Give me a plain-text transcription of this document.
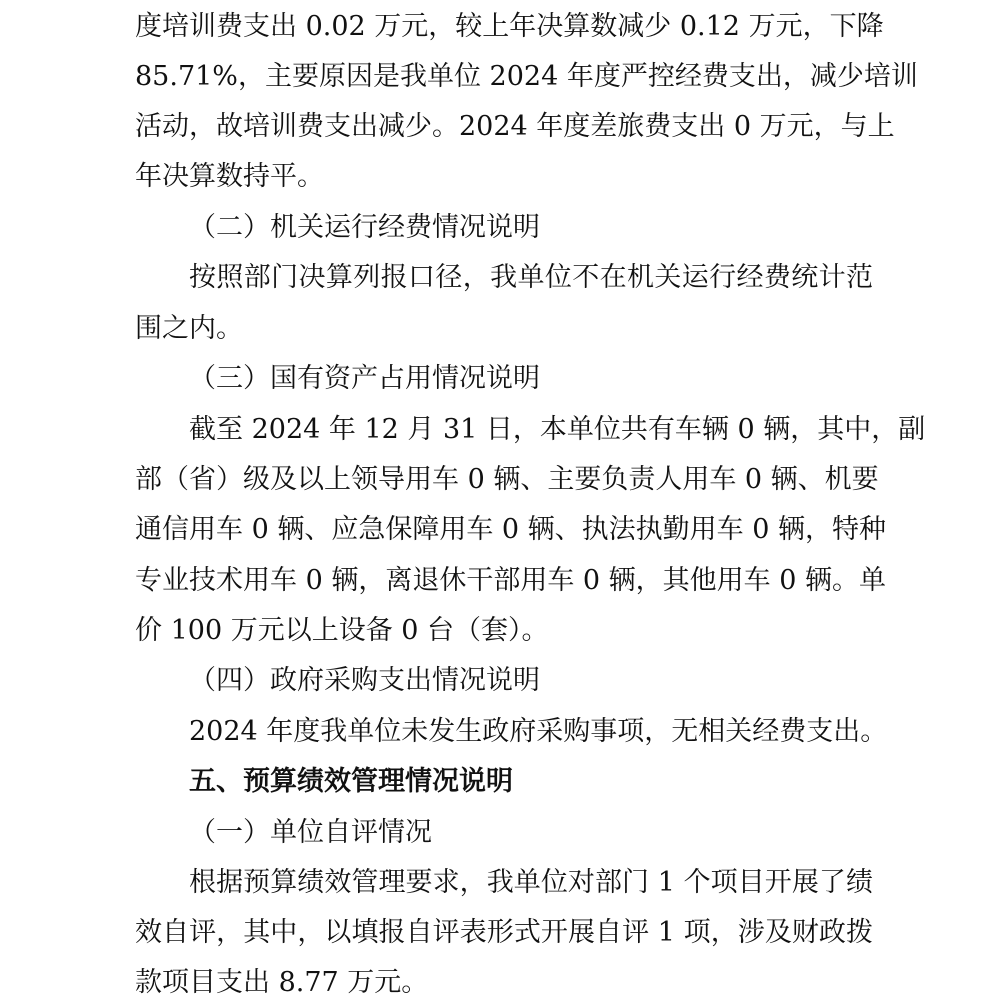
度培训费支出 0.02 万元，较上年决算数减少 0.12 万元，下降

85.71%，主要原因是我单位 2024 年度严控经费支出，减少培训

活动，故培训费支出减少。2024 年度差旅费支出 0 万元，与上

年决算数持平。

（二）机关运行经费情况说明

按照部门决算列报口径，我单位不在机关运行经费统计范

围之内。

（三）国有资产占用情况说明

截至 2024 年 12 月 31 日，本单位共有车辆 0 辆，其中，副

部（省）级及以上领导用车 0 辆、主要负责人用车 0 辆、机要

通信用车 0 辆、应急保障用车 0 辆、执法执勤用车 0 辆，特种

专业技术用车 0 辆，离退休干部用车 0 辆，其他用车 0 辆。单

价 100 万元以上设备 0 台（套）。

（四）政府采购支出情况说明

2024 年度我单位未发生政府采购事项，无相关经费支出。

五、预算绩效管理情况说明

（一）单位自评情况

根据预算绩效管理要求，我单位对部门 1 个项目开展了绩

效自评，其中，以填报自评表形式开展自评 1 项，涉及财政拨

款项目支出 8.77 万元。
